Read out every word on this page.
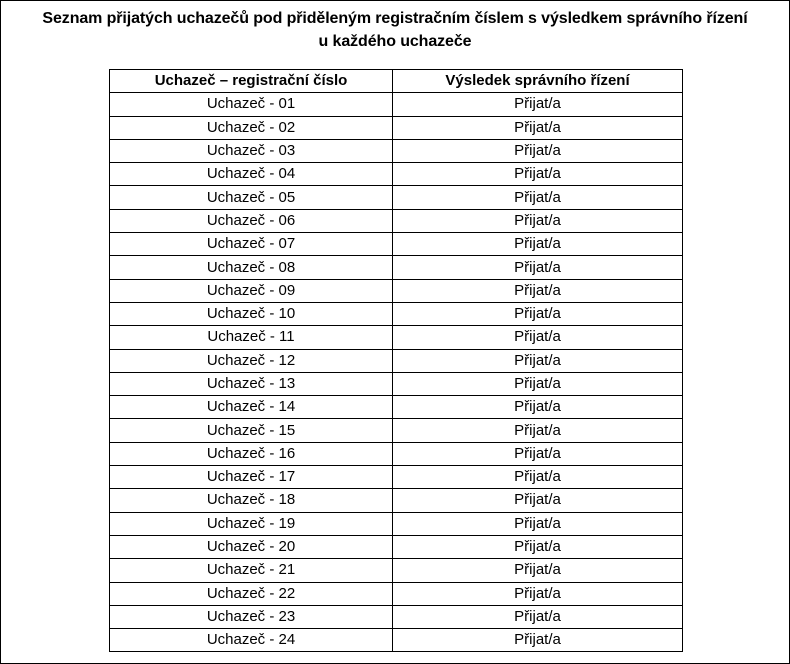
Seznam přijatých uchazečů pod přiděleným registračním číslem s výsledkem správního řízení
u každého uchazeče
Uchazeč – registrační číslo	Výsledek správního řízení
Uchazeč - 01	Přijat/a
Uchazeč - 02	Přijat/a
Uchazeč - 03	Přijat/a
Uchazeč - 04	Přijat/a
Uchazeč - 05	Přijat/a
Uchazeč - 06	Přijat/a
Uchazeč - 07	Přijat/a
Uchazeč - 08	Přijat/a
Uchazeč - 09	Přijat/a
Uchazeč - 10	Přijat/a
Uchazeč - 11	Přijat/a
Uchazeč - 12	Přijat/a
Uchazeč - 13	Přijat/a
Uchazeč - 14	Přijat/a
Uchazeč - 15	Přijat/a
Uchazeč - 16	Přijat/a
Uchazeč - 17	Přijat/a
Uchazeč - 18	Přijat/a
Uchazeč - 19	Přijat/a
Uchazeč - 20	Přijat/a
Uchazeč - 21	Přijat/a
Uchazeč - 22	Přijat/a
Uchazeč - 23	Přijat/a
Uchazeč - 24	Přijat/a
